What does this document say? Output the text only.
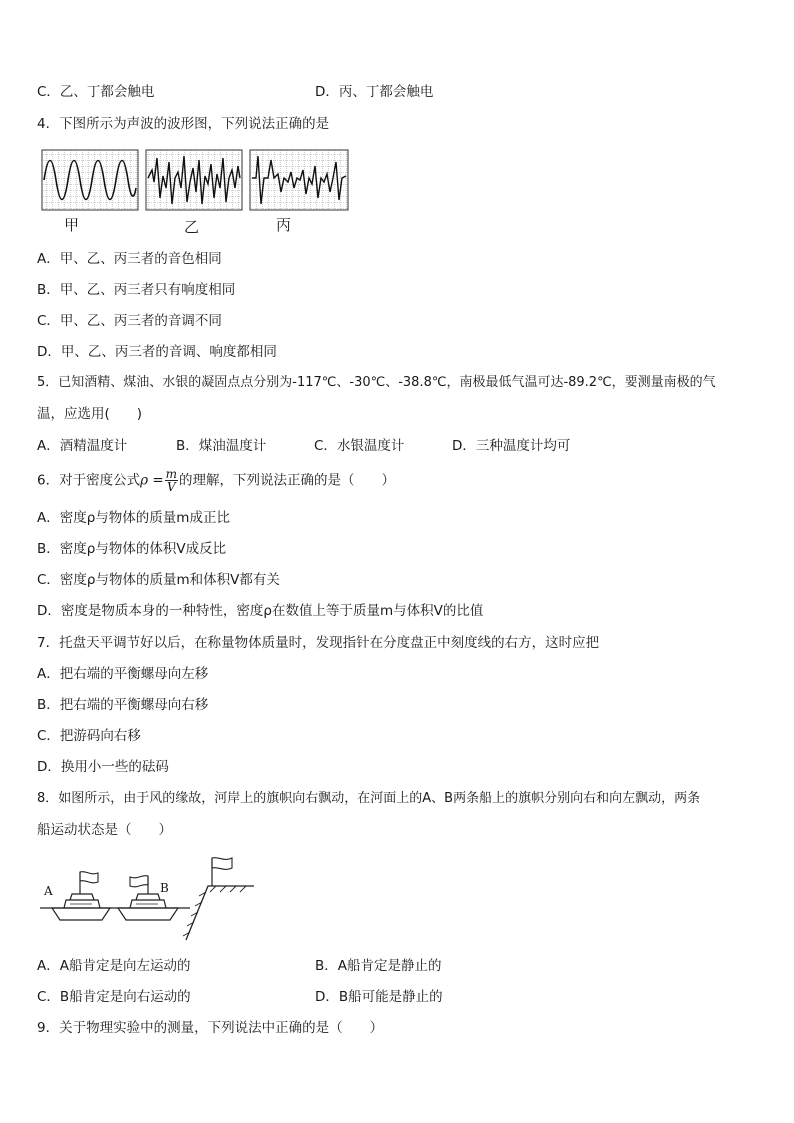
C．乙、丁都会触电	D．丙、丁都会触电
4．下图所示为声波的波形图，下列说法正确的是
甲	乙	丙
A．甲、乙、丙三者的音色相同
B．甲、乙、丙三者只有响度相同
C．甲、乙、丙三者的音调不同
D．甲、乙、丙三者的音调、响度都相同
5．已知酒精、煤油、水银的凝固点点分别为-117℃、-30℃、-38.8℃，南极最低气温可达-89.2℃，要测量南极的气
温，应选用(　　)
A．酒精温度计	B．煤油温度计	C．水银温度计	D．三种温度计均可
6．对于密度公式$\rho = \frac{m}{V}$ 的理解，下列说法正确的是（　　）
A．密度ρ与物体的质量m成正比
B．密度ρ与物体的体积V成反比
C．密度ρ与物体的质量m和体积V都有关
D．密度是物质本身的一种特性，密度ρ在数值上等于质量m与体积V的比值
7．托盘天平调节好以后，在称量物体质量时，发现指针在分度盘正中刻度线的右方，这时应把
A．把右端的平衡螺母向左移
B．把右端的平衡螺母向右移
C．把游码向右移
D．换用小一些的砝码
8．如图所示，由于风的缘故，河岸上的旗帜向右飘动，在河面上的A、B两条船上的旗帜分别向右和向左飘动，两条
船运动状态是（　　）
A	B
A．A船肯定是向左运动的	B．A船肯定是静止的
C．B船肯定是向右运动的	D．B船可能是静止的
9．关于物理实验中的测量，下列说法中正确的是（　　）
